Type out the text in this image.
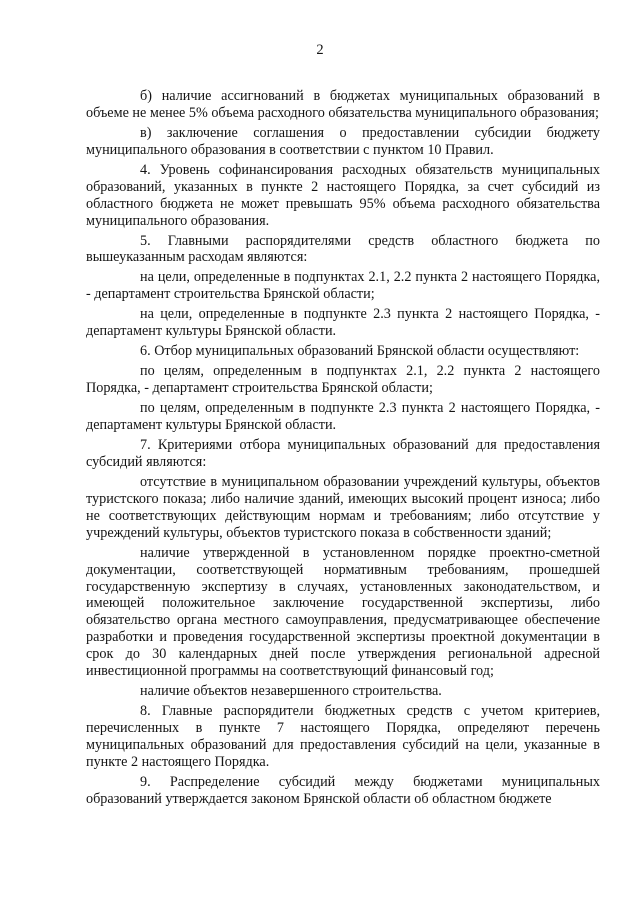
2

б) наличие ассигнований в бюджетах муниципальных образований в объеме не менее 5% объема расходного обязательства муниципального образования;

в) заключение соглашения о предоставлении субсидии бюджету муниципального образования в соответствии с пунктом 10 Правил.

4. Уровень софинансирования расходных обязательств муниципальных образований, указанных в пункте 2 настоящего Порядка, за счет субсидий из областного бюджета не может превышать 95% объема расходного обязательства муниципального образования.

5. Главными распорядителями средств областного бюджета по вышеуказанным расходам являются:

на цели, определенные в подпунктах 2.1, 2.2 пункта 2 настоящего Порядка, - департамент строительства Брянской области;

на цели, определенные в подпункте 2.3 пункта 2 настоящего Порядка, - департамент культуры Брянской области.

6. Отбор муниципальных образований Брянской области осуществляют:

по целям, определенным в подпунктах 2.1, 2.2 пункта 2 настоящего Порядка, - департамент строительства Брянской области;

по целям, определенным в подпункте 2.3 пункта 2 настоящего Порядка, - департамент культуры Брянской области.

7. Критериями отбора муниципальных образований для предоставления субсидий являются:

отсутствие в муниципальном образовании учреждений культуры, объектов туристского показа; либо наличие зданий, имеющих высокий процент износа; либо не соответствующих действующим нормам и требованиям; либо отсутствие у учреждений культуры, объектов туристского показа в собственности зданий;

наличие утвержденной в установленном порядке проектно-сметной документации, соответствующей нормативным требованиям, прошедшей государственную экспертизу в случаях, установленных законодательством, и имеющей положительное заключение государственной экспертизы, либо обязательство органа местного самоуправления, предусматривающее обеспечение разработки и проведения государственной экспертизы проектной документации в срок до 30 календарных дней после утверждения региональной адресной инвестиционной программы на соответствующий финансовый год;

наличие объектов незавершенного строительства.

8. Главные распорядители бюджетных средств с учетом критериев, перечисленных в пункте 7 настоящего Порядка, определяют перечень муниципальных образований для предоставления субсидий на цели, указанные в пункте 2 настоящего Порядка.

9. Распределение субсидий между бюджетами муниципальных образований утверждается законом Брянской области об областном бюджете
